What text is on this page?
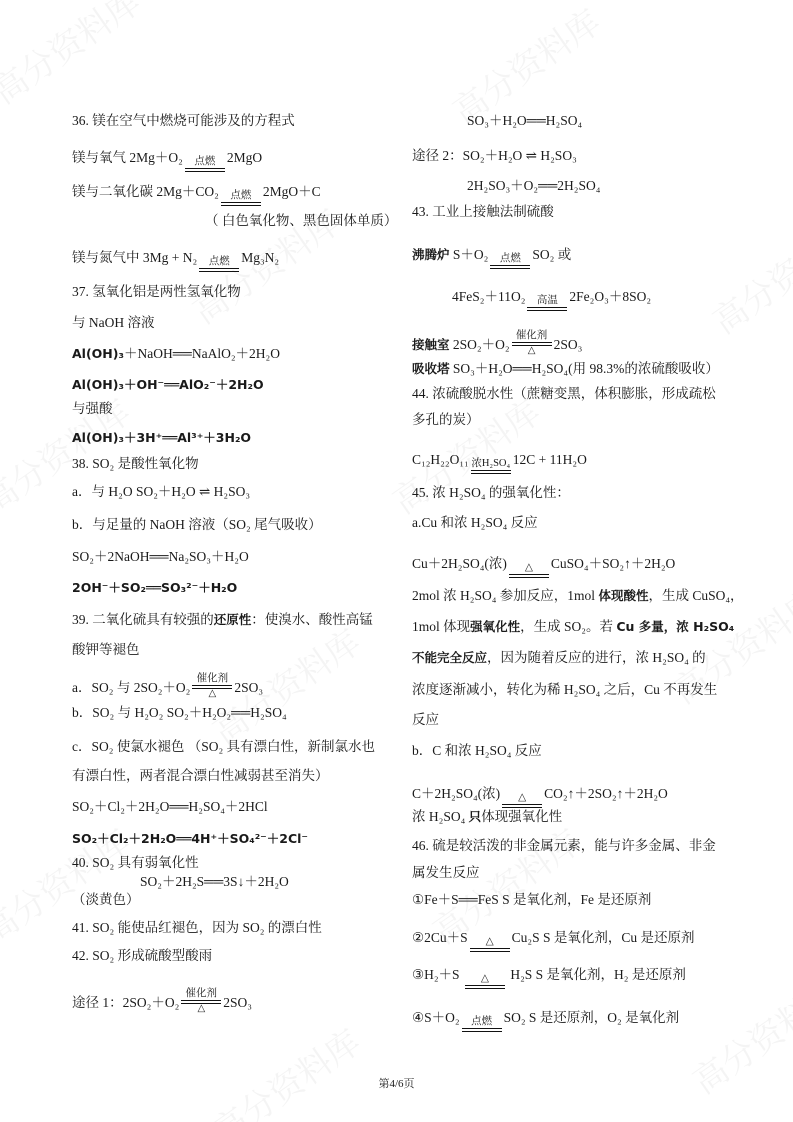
36. 镁在空气中燃烧可能涉及的方程式
镁与氧气 2Mg＋O₂	点燃 2MgO
镁与二氧化碳 2Mg＋CO₂	点燃 2MgO＋C
（ 白色氧化物、黑色固体单质）
镁与氮气中 3Mg + N₂	点燃 Mg₃N₂
37. 氢氧化铝是两性氢氧化物
与 NaOH 溶液
Al(OH)₃＋NaOH══NaAlO₂＋2H₂O
Al(OH)₃＋OH⁻══AlO₂⁻＋2H₂O
与强酸
Al(OH)₃＋3H⁺══Al³⁺＋3H₂O
38. SO₂ 是酸性氧化物
a．与 H₂O SO₂＋H₂O ⇌ H₂SO₃
b．与足量的 NaOH 溶液（SO₂ 尾气吸收）
SO₂＋2NaOH══Na₂SO₃＋H₂O
2OH⁻＋SO₂══SO₃²⁻＋H₂O
39. 二氧化硫具有较强的还原性：使溴水、酸性高锰
酸钾等褪色
a．SO₂ 与 2SO₂＋O₂
催化剂
△	2SO₃
b．SO₂ 与 H₂O₂ SO₂＋H₂O₂══H₂SO₄
c．SO₂ 使氯水褪色 （SO₂ 具有漂白性，新制氯水也
有漂白性，两者混合漂白性减弱甚至消失）
SO₂＋Cl₂＋2H₂O══H₂SO₄＋2HCl
SO₂＋Cl₂＋2H₂O══4H⁺＋SO₄²⁻＋2Cl⁻
40. SO₂ 具有弱氧化性
SO₂＋2H₂S══3S↓＋2H₂O
（淡黄色）
41. SO₂ 能使品红褪色，因为 SO₂ 的漂白性
42. SO₂ 形成硫酸型酸雨
途径 1：2SO₂＋O₂
催化剂
△	2SO₃
SO₃＋H₂O══H₂SO₄
途径 2：SO₂＋H₂O ⇌ H₂SO₃
2H₂SO₃＋O₂══2H₂SO₄
43. 工业上接触法制硫酸
沸腾炉 S＋O₂	点燃 SO₂ 或
4FeS₂＋11O₂	高温 2Fe₂O₃＋8SO₂
接触室 2SO₂＋O₂
催化剂
△	2SO₃
吸收塔 SO₃＋H₂O══H₂SO₄(用 98.3%的浓硫酸吸收）
44. 浓硫酸脱水性（蔗糖变黑，体积膨胀，形成疏松
多孔的炭）
C₁₂H₂₂O₁₁ 浓H₂SO₄ 12C + 11H₂O
45. 浓 H₂SO₄ 的强氧化性：
a.Cu 和浓 H₂SO₄ 反应
Cu＋2H₂SO₄(浓)	△	CuSO₄＋SO₂↑＋2H₂O
2mol 浓 H₂SO₄ 参加反应，1mol 体现酸性，生成 CuSO₄，
1mol 体现强氧化性，生成 SO₂。若 Cu 多量，浓 H₂SO₄
不能完全反应，因为随着反应的进行，浓 H₂SO₄ 的
浓度逐渐减小，转化为稀 H₂SO₄ 之后，Cu 不再发生
反应
b．C 和浓 H₂SO₄ 反应
C＋2H₂SO₄(浓)	△	CO₂↑＋2SO₂↑＋2H₂O
浓 H₂SO₄ 只体现强氧化性
46. 硫是较活泼的非金属元素，能与许多金属、非金
属发生反应
①Fe＋S══FeS S 是氧化剂，Fe 是还原剂
②2Cu＋S	△	Cu₂S S 是氧化剂，Cu 是还原剂
③H₂＋S	△	H₂S S 是氧化剂，H₂ 是还原剂
④S＋O₂	点燃 SO₂ S 是还原剂，O₂ 是氧化剂
第4/6页
